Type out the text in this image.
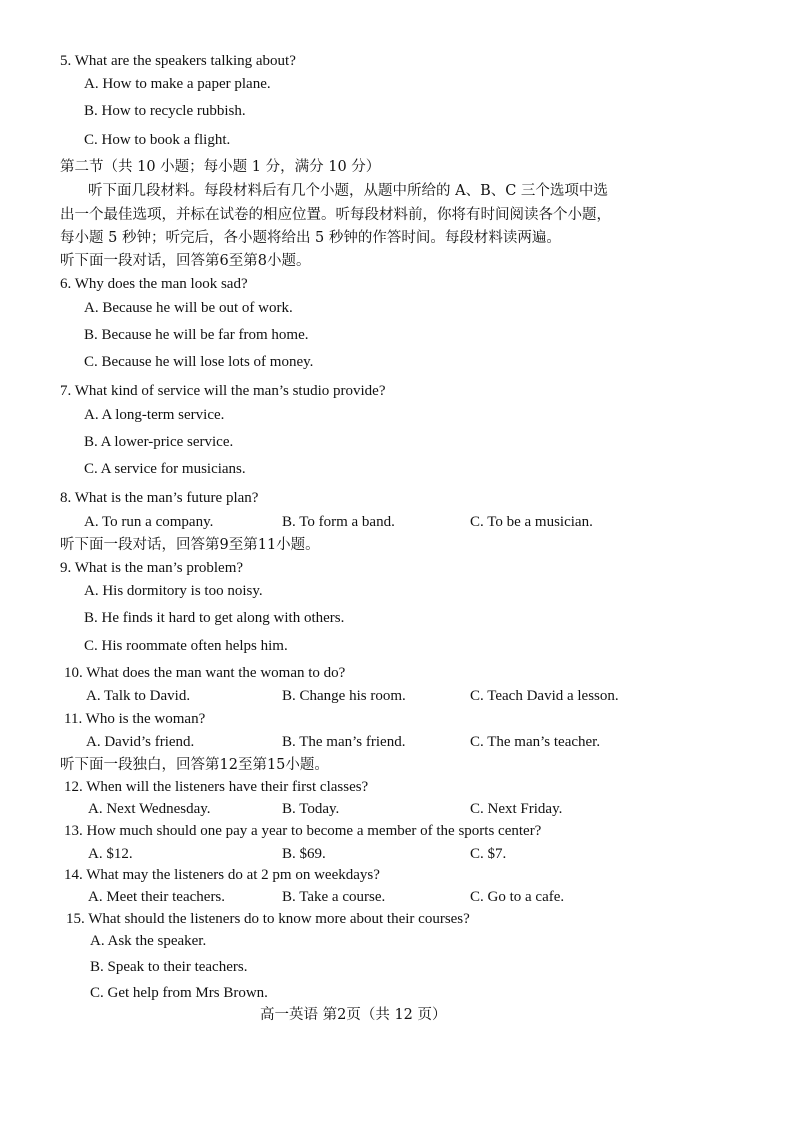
5. What are the speakers talking about?
A. How to make a paper plane.
B. How to recycle rubbish.
C. How to book a flight.
第二节（共 10 小题；每小题 1 分，满分 10 分）
听下面几段材料。每段材料后有几个小题，从题中所给的 A、B、C 三个选项中选
出一个最佳选项，并标在试卷的相应位置。听每段材料前，你将有时间阅读各个小题，
每小题 5 秒钟；听完后，各小题将给出 5 秒钟的作答时间。每段材料读两遍。
听下面一段对话，回答第6至第8小题。
6. Why does the man look sad?
A. Because he will be out of work.
B. Because he will be far from home.
C. Because he will lose lots of money.
7. What kind of service will the man’s studio provide?
A. A long-term service.
B. A lower-price service.
C. A service for musicians.
8. What is the man’s future plan?
A. To run a company.	B. To form a band.	C. To be a musician.
听下面一段对话，回答第9至第11小题。
9. What is the man’s problem?
A. His dormitory is too noisy.
B. He finds it hard to get along with others.
C. His roommate often helps him.
10. What does the man want the woman to do?
A. Talk to David.	B. Change his room.	C. Teach David a lesson.
11. Who is the woman?
A. David’s friend.	B. The man’s friend.	C. The man’s teacher.
听下面一段独白，回答第12至第15小题。
12. When will the listeners have their first classes?
A. Next Wednesday.	B. Today.	C. Next Friday.
13. How much should one pay a year to become a member of the sports center?
A. $12.	B. $69.	C. $7.
14. What may the listeners do at 2 pm on weekdays?
A. Meet their teachers.	B. Take a course.	C. Go to a cafe.
15. What should the listeners do to know more about their courses?
A. Ask the speaker.
B. Speak to their teachers.
C. Get help from Mrs Brown.
高一英语 第2页（共 12 页）
